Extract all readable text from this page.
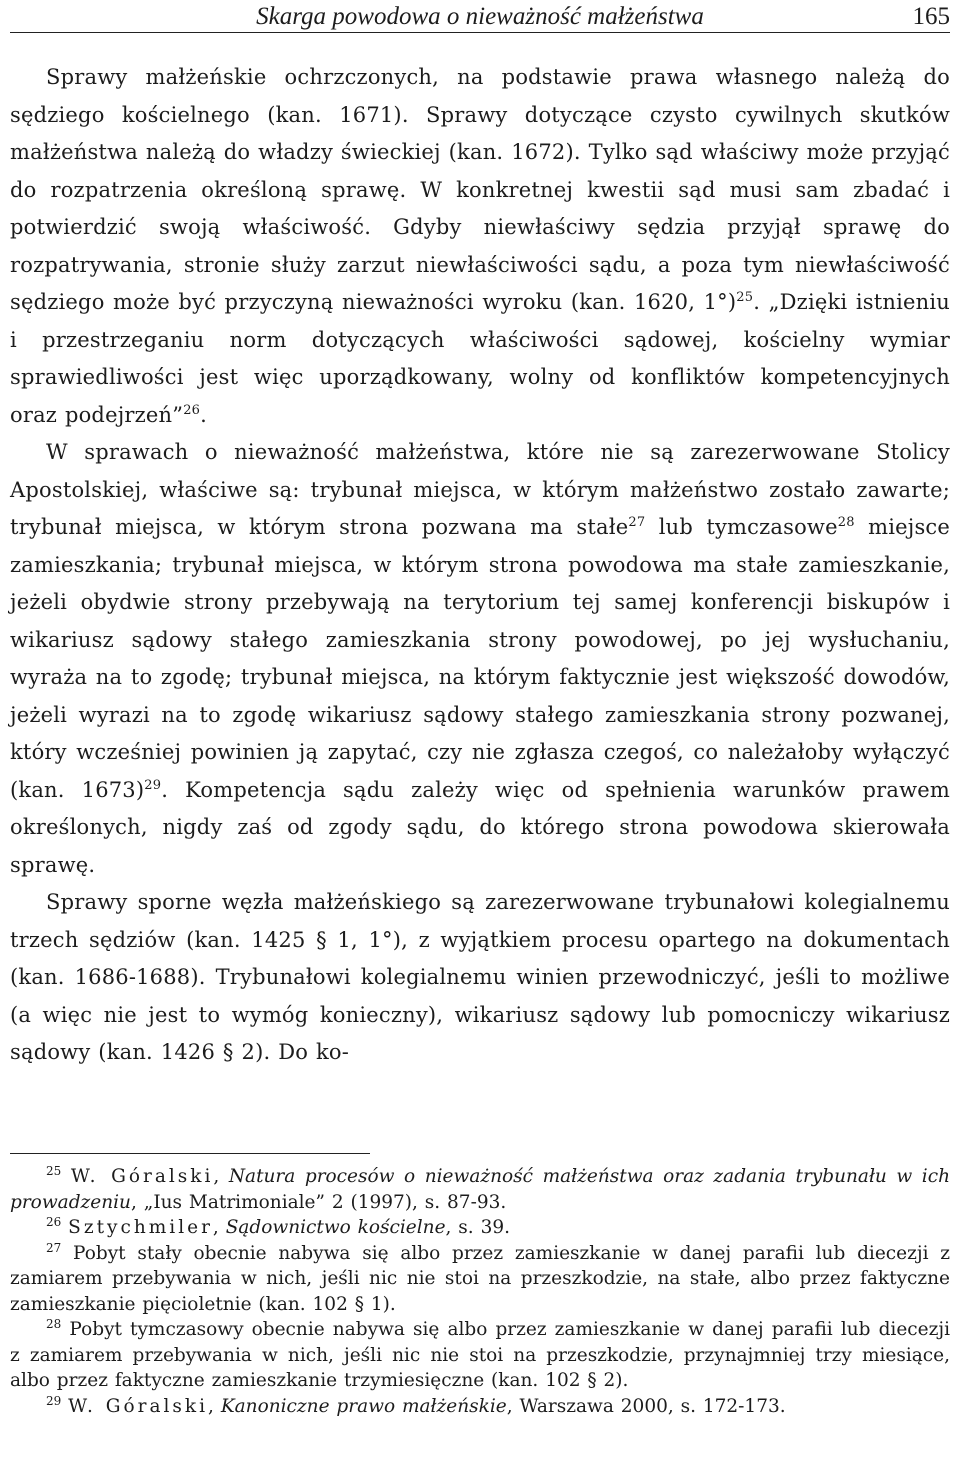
Skarga powodowa o nieważność małżeństwa	165

Sprawy małżeńskie ochrzczonych, na podstawie prawa własnego należą do sędziego kościelnego (kan. 1671). Sprawy dotyczące czysto cywilnych skutków małżeństwa należą do władzy świeckiej (kan. 1672). Tylko sąd właściwy może przyjąć do rozpatrzenia określoną sprawę. W konkretnej kwestii sąd musi sam zbadać i potwierdzić swoją właściwość. Gdyby niewłaściwy sędzia przyjął sprawę do rozpatrywania, stronie służy zarzut niewłaściwości sądu, a poza tym niewłaściwość sędziego może być przyczyną nieważności wyroku (kan. 1620, 1°)$^{25}$. „Dzięki istnieniu i przestrzeganiu norm dotyczących właściwości sądowej, kościelny wymiar sprawiedliwości jest więc uporządkowany, wolny od konfliktów kompetencyjnych oraz podejrzeń”$^{26}$.

W sprawach o nieważność małżeństwa, które nie są zarezerwowane Stolicy Apostolskiej, właściwe są: trybunał miejsca, w którym małżeństwo zostało zawarte; trybunał miejsca, w którym strona pozwana ma stałe$^{27}$ lub tymczasowe$^{28}$ miejsce zamieszkania; trybunał miejsca, w którym strona powodowa ma stałe zamieszkanie, jeżeli obydwie strony przebywają na terytorium tej samej konferencji biskupów i wikariusz sądowy stałego zamieszkania strony powodowej, po jej wysłuchaniu, wyraża na to zgodę; trybunał miejsca, na którym faktycznie jest większość dowodów, jeżeli wyrazi na to zgodę wikariusz sądowy stałego zamieszkania strony pozwanej, który wcześniej powinien ją zapytać, czy nie zgłasza czegoś, co należałoby wyłączyć (kan. 1673)$^{29}$. Kompetencja sądu zależy więc od spełnienia warunków prawem określonych, nigdy zaś od zgody sądu, do którego strona powodowa skierowała sprawę.

Sprawy sporne węzła małżeńskiego są zarezerwowane trybunałowi kolegialnemu trzech sędziów (kan. 1425 § 1, 1°), z wyjątkiem procesu opartego na dokumentach (kan. 1686-1688). Trybunałowi kolegialnemu winien przewodniczyć, jeśli to możliwe (a więc nie jest to wymóg konieczny), wikariusz sądowy lub pomocniczy wikariusz sądowy (kan. 1426 § 2). Do ko-

$^{25}$ W. Góralski, Natura procesów o nieważność małżeństwa oraz zadania trybunału w ich prowadzeniu, „Ius Matrimoniale” 2 (1997), s. 87-93.

$^{26}$ Sztychmiler, Sądownictwo kościelne, s. 39.

$^{27}$ Pobyt stały obecnie nabywa się albo przez zamieszkanie w danej parafii lub diecezji z zamiarem przebywania w nich, jeśli nic nie stoi na przeszkodzie, na stałe, albo przez faktyczne zamieszkanie pięcioletnie (kan. 102 § 1).

$^{28}$ Pobyt tymczasowy obecnie nabywa się albo przez zamieszkanie w danej parafii lub diecezji z zamiarem przebywania w nich, jeśli nic nie stoi na przeszkodzie, przynajmniej trzy miesiące, albo przez faktyczne zamieszkanie trzymiesięczne (kan. 102 § 2).

$^{29}$ W. Góralski, Kanoniczne prawo małżeńskie, Warszawa 2000, s. 172-173.
